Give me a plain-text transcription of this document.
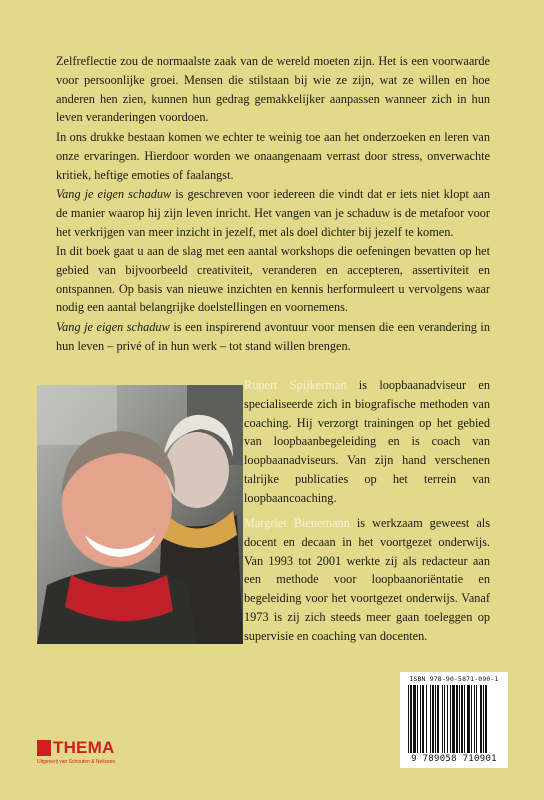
Zelfreflectie zou de normaalste zaak van de wereld moeten zijn. Het is een voorwaarde voor persoonlijke groei. Mensen die stilstaan bij wie ze zijn, wat ze willen en hoe anderen hen zien, kunnen hun gedrag gemakkelijker aanpassen wanneer zich in hun leven veranderingen voordoen.

In ons drukke bestaan komen we echter te weinig toe aan het onderzoeken en leren van onze ervaringen. Hierdoor worden we onaangenaam verrast door stress, onverwachte kritiek, heftige emoties of faalangst.

Vang je eigen schaduw is geschreven voor iedereen die vindt dat er iets niet klopt aan de manier waarop hij zijn leven inricht. Het vangen van je schaduw is de metafoor voor het verkrijgen van meer inzicht in jezelf, met als doel dichter bij jezelf te komen.

In dit boek gaat u aan de slag met een aantal workshops die oefeningen bevatten op het gebied van bijvoorbeeld creativiteit, veranderen en accepteren, assertiviteit en ontspannen. Op basis van nieuwe inzichten en kennis herformuleert u vervolgens waar nodig een aantal belangrijke doelstellingen en voornemens.

Vang je eigen schaduw is een inspirerend avontuur voor mensen die een verandering in hun leven – privé of in hun werk – tot stand willen brengen.

Rupert Spijkerman is loopbaanadviseur en specialiseerde zich in biografische methoden van coaching. Hij verzorgt trainingen op het gebied van loopbaanbegeleiding en is coach van loopbaanadviseurs. Van zijn hand verschenen talrijke publicaties op het terrein van loopbaancoaching.

Margriet Bienemann is werkzaam geweest als docent en decaan in het voortgezet onderwijs. Van 1993 tot 2001 werkte zij als redacteur aan een methode voor loopbaanoriëntatie en begeleiding voor het voortgezet onderwijs. Vanaf 1973 is zij zich steeds meer gaan toeleggen op supervisie en coaching van docenten.

ISBN 978-90-5871-090-1
9 789058 710901
THEMA
Uitgeverij van Schouten & Nelissen
